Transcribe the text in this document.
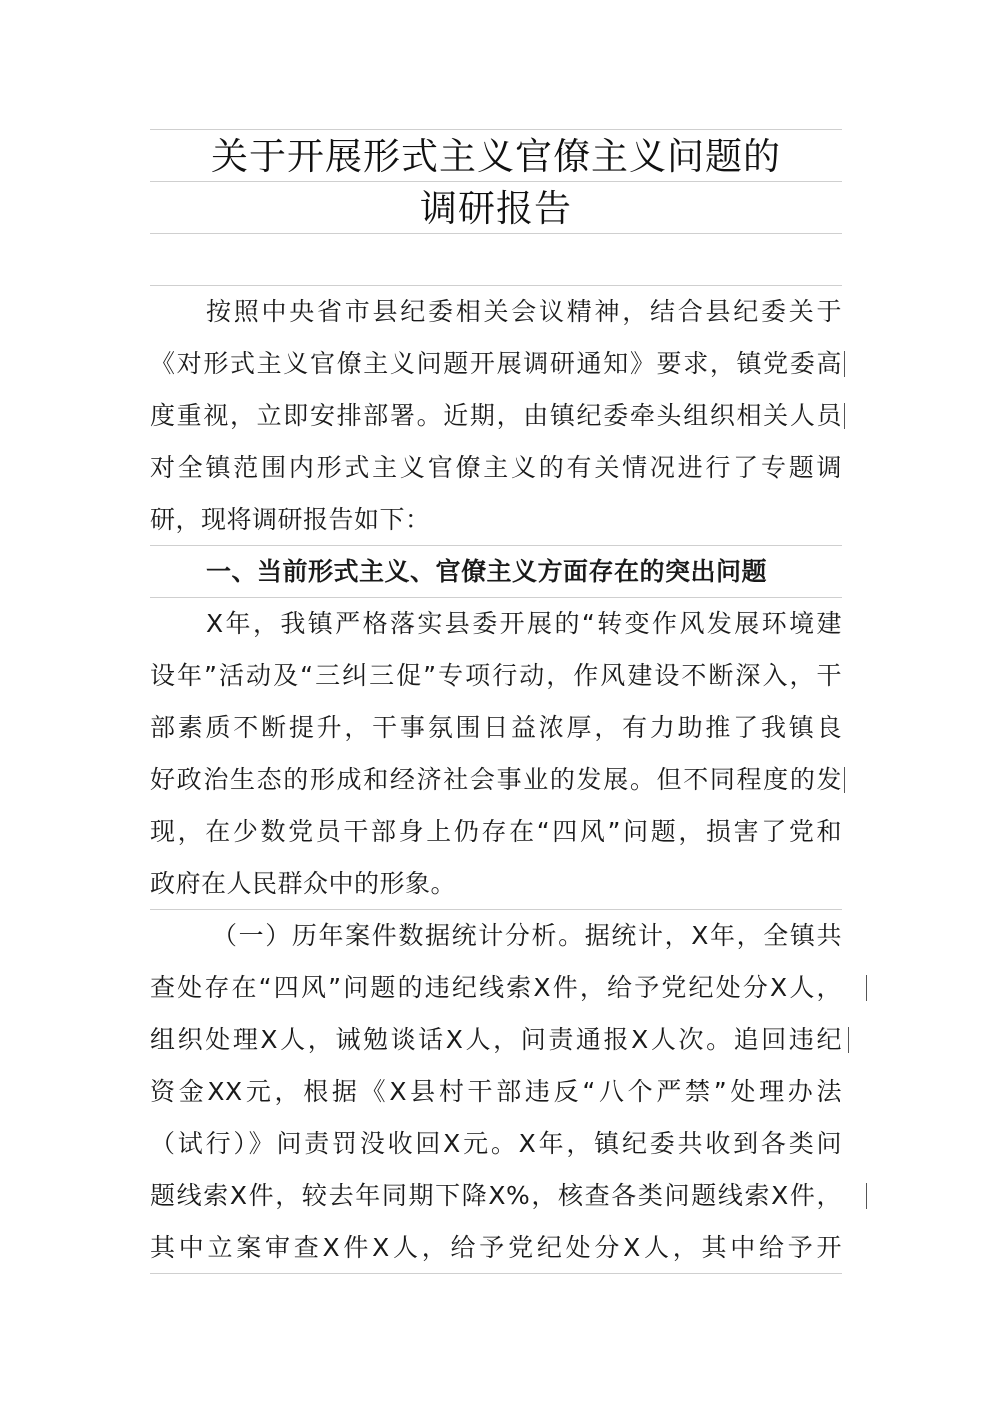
关于开展形式主义官僚主义问题的
调研报告
按照中央省市县纪委相关会议精神，结合县纪委关于
《对形式主义官僚主义问题开展调研通知》要求，镇党委高
度重视，立即安排部署。近期，由镇纪委牵头组织相关人员
对全镇范围内形式主义官僚主义的有关情况进行了专题调
研，现将调研报告如下：
一、当前形式主义、官僚主义方面存在的突出问题
X年，我镇严格落实县委开展的“转变作风发展环境建
设年”活动及“三纠三促”专项行动，作风建设不断深入，干
部素质不断提升，干事氛围日益浓厚，有力助推了我镇良
好政治生态的形成和经济社会事业的发展。但不同程度的发
现，在少数党员干部身上仍存在“四风”问题，损害了党和
政府在人民群众中的形象。
（一）历年案件数据统计分析。据统计，X年，全镇共
查处存在“四风”问题的违纪线索X件，给予党纪处分X人，
组织处理X人，诫勉谈话X人，问责通报X人次。追回违纪
资金XX元，根据《X县村干部违反“八个严禁”处理办法
（试行）》问责罚没收回X元。X年，镇纪委共收到各类问
题线索X件，较去年同期下降X%，核查各类问题线索X件，
其中立案审查X件X人，给予党纪处分X人，其中给予开
